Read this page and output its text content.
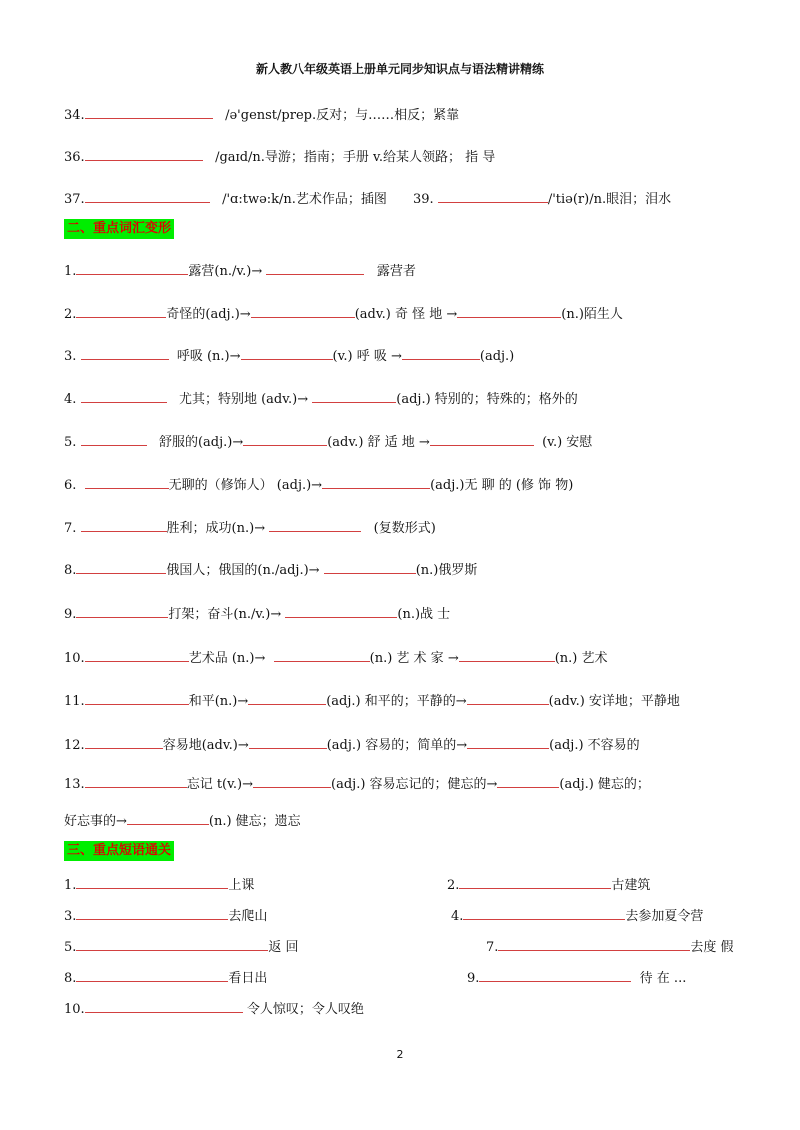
新人教八年级英语上册单元同步知识点与语法精讲精练
34.	/ə'genst/prep.反对；与……相反；紧靠
36.	/gaɪd/n.导游；指南；手册 v.给某人领路； 指 导
37.	/'ɑ:twə:k/n.艺术作品；插图 39.	/'tiə(r)/n.眼泪；泪水
二、重点词汇变形
1.	露营(n./v.)→	露营者
2.	奇怪的(adj.)→	(adv.) 奇 怪 地 →	(n.)陌生人
3.	呼吸 (n.)→	(v.) 呼 吸 →	(adj.)
4.	尤其；特别地 (adv.)→	(adj.) 特别的；特殊的；格外的
5.	舒服的(adj.)→	(adv.) 舒 适 地 →	(v.) 安慰
6.	无聊的（修饰人） (adj.)→	(adj.)无 聊 的 (修 饰 物)
7.	胜利；成功(n.)→	(复数形式)
8.	俄国人；俄国的(n./adj.)→	(n.)俄罗斯
9.	打架；奋斗(n./v.)→	(n.)战 士
10.	艺术品 (n.)→	(n.) 艺 术 家 →	(n.) 艺术
11.	和平(n.)→	(adj.) 和平的；平静的→	(adv.) 安详地；平静地
12.	容易地(adv.)→	(adj.) 容易的；简单的→	(adj.) 不容易的
13.	忘记 t(v.)→	(adj.) 容易忘记的；健忘的→	(adj.) 健忘的；
好忘事的→	(n.) 健忘；遗忘
三、重点短语通关
1.	上课	2.	古建筑
3.	去爬山	4.	去参加夏令营
5.	返 回	7.	去度 假
8.	看日出	9.	待 在 ...
10.	令人惊叹；令人叹绝
2
